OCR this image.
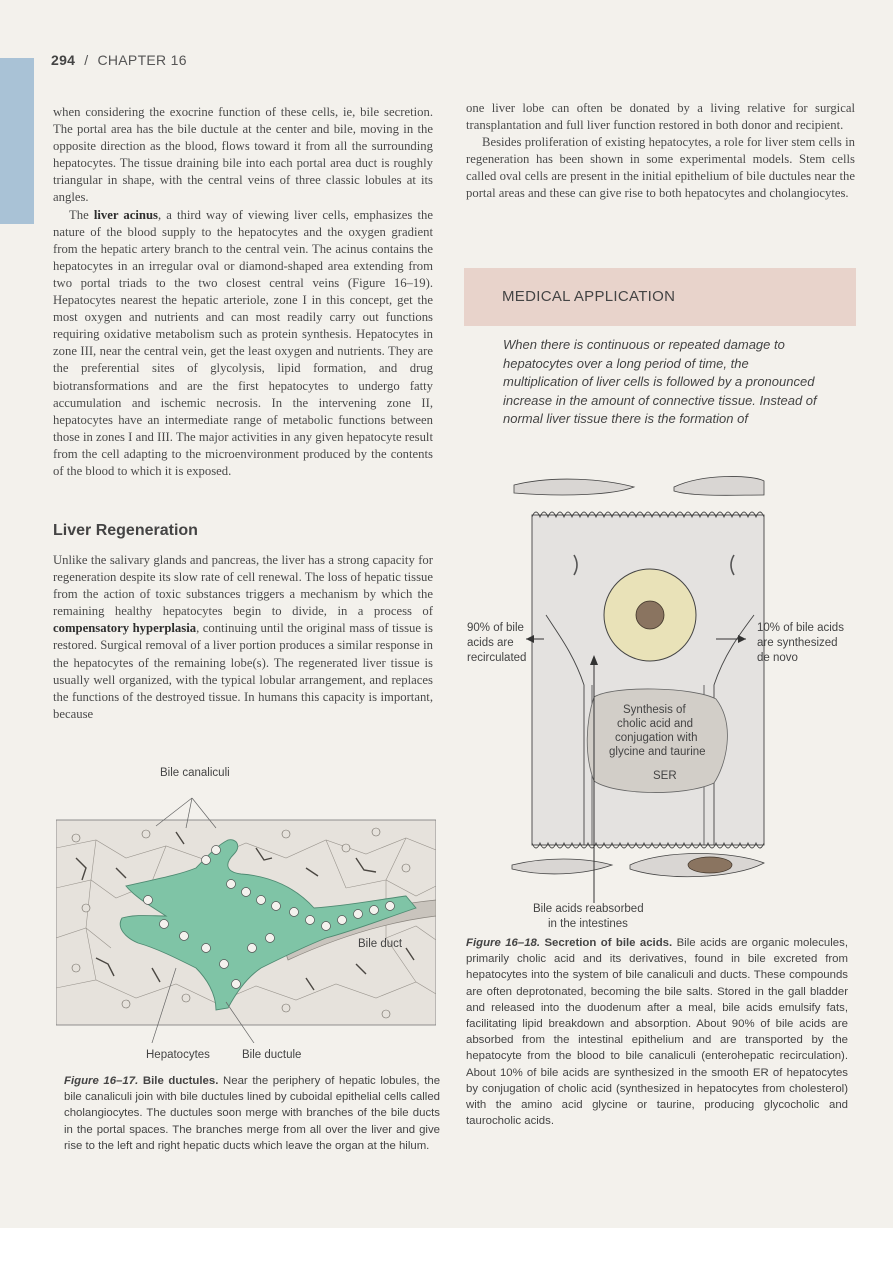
294 / CHAPTER 16

when considering the exocrine function of these cells, ie, bile secretion. The portal area has the bile ductule at the center and bile, moving in the opposite direction as the blood, flows toward it from all the surrounding hepatocytes. The tissue draining bile into each portal area duct is roughly triangular in shape, with the central veins of three classic lobules at its angles.

The liver acinus, a third way of viewing liver cells, emphasizes the nature of the blood supply to the hepatocytes and the oxygen gradient from the hepatic artery branch to the central vein. The acinus contains the hepatocytes in an irregular oval or diamond-shaped area extending from two portal triads to the two closest central veins (Figure 16–19). Hepatocytes nearest the hepatic arteriole, zone I in this concept, get the most oxygen and nutrients and can most readily carry out functions requiring oxidative metabolism such as protein synthesis. Hepatocytes in zone III, near the central vein, get the least oxygen and nutrients. They are the preferential sites of glycolysis, lipid formation, and drug biotransformations and are the first hepatocytes to undergo fatty accumulation and ischemic necrosis. In the intervening zone II, hepatocytes have an intermediate range of metabolic functions between those in zones I and III. The major activities in any given hepatocyte result from the cell adapting to the microenvironment produced by the contents of the blood to which it is exposed.

Liver Regeneration

Unlike the salivary glands and pancreas, the liver has a strong capacity for regeneration despite its slow rate of cell renewal. The loss of hepatic tissue from the action of toxic substances triggers a mechanism by which the remaining healthy hepatocytes begin to divide, in a process of compensatory hyperplasia, continuing until the original mass of tissue is restored. Surgical removal of a liver portion produces a similar response in the hepatocytes of the remaining lobe(s). The regenerated liver tissue is usually well organized, with the typical lobular arrangement, and replaces the functions of the destroyed tissue. In humans this capacity is important, because

one liver lobe can often be donated by a living relative for surgical transplantation and full liver function restored in both donor and recipient.

Besides proliferation of existing hepatocytes, a role for liver stem cells in regeneration has been shown in some experimental models. Stem cells called oval cells are present in the initial epithelium of bile ductules near the portal areas and these can give rise to both hepatocytes and cholangiocytes.

MEDICAL APPLICATION
When there is continuous or repeated damage to hepatocytes over a long period of time, the multiplication of liver cells is followed by a pronounced increase in the amount of connective tissue. Instead of normal liver tissue there is the formation of
Bile canaliculi
Bile duct
Hepatocytes	Bile ductule
Figure 16–17. Bile ductules. Near the periphery of hepatic lobules, the bile canaliculi join with bile ductules lined by cuboidal epithelial cells called cholangiocytes. The ductules soon merge with branches of the bile ducts in the portal spaces. The branches merge from all over the liver and give rise to the left and right hepatic ducts which leave the organ at the hilum.
90% of bile
acids are
recirculated
10% of bile acids
are synthesized
de novo
Synthesis of
cholic acid and
conjugation with
glycine and taurine
SER
Bile acids reabsorbed
in the intestines
Figure 16–18. Secretion of bile acids. Bile acids are organic molecules, primarily cholic acid and its derivatives, found in bile excreted from hepatocytes into the system of bile canaliculi and ducts. These compounds are often deprotonated, becoming the bile salts. Stored in the gall bladder and released into the duodenum after a meal, bile acids emulsify fats, facilitating lipid breakdown and absorption. About 90% of bile acids are absorbed from the intestinal epithelium and are transported by the hepatocyte from the blood to bile canaliculi (enterohepatic recirculation). About 10% of bile acids are synthesized in the smooth ER of hepatocytes by conjugation of cholic acid (synthesized in hepatocytes from cholesterol) with the amino acid glycine or taurine, producing glycocholic and taurocholic acids.
